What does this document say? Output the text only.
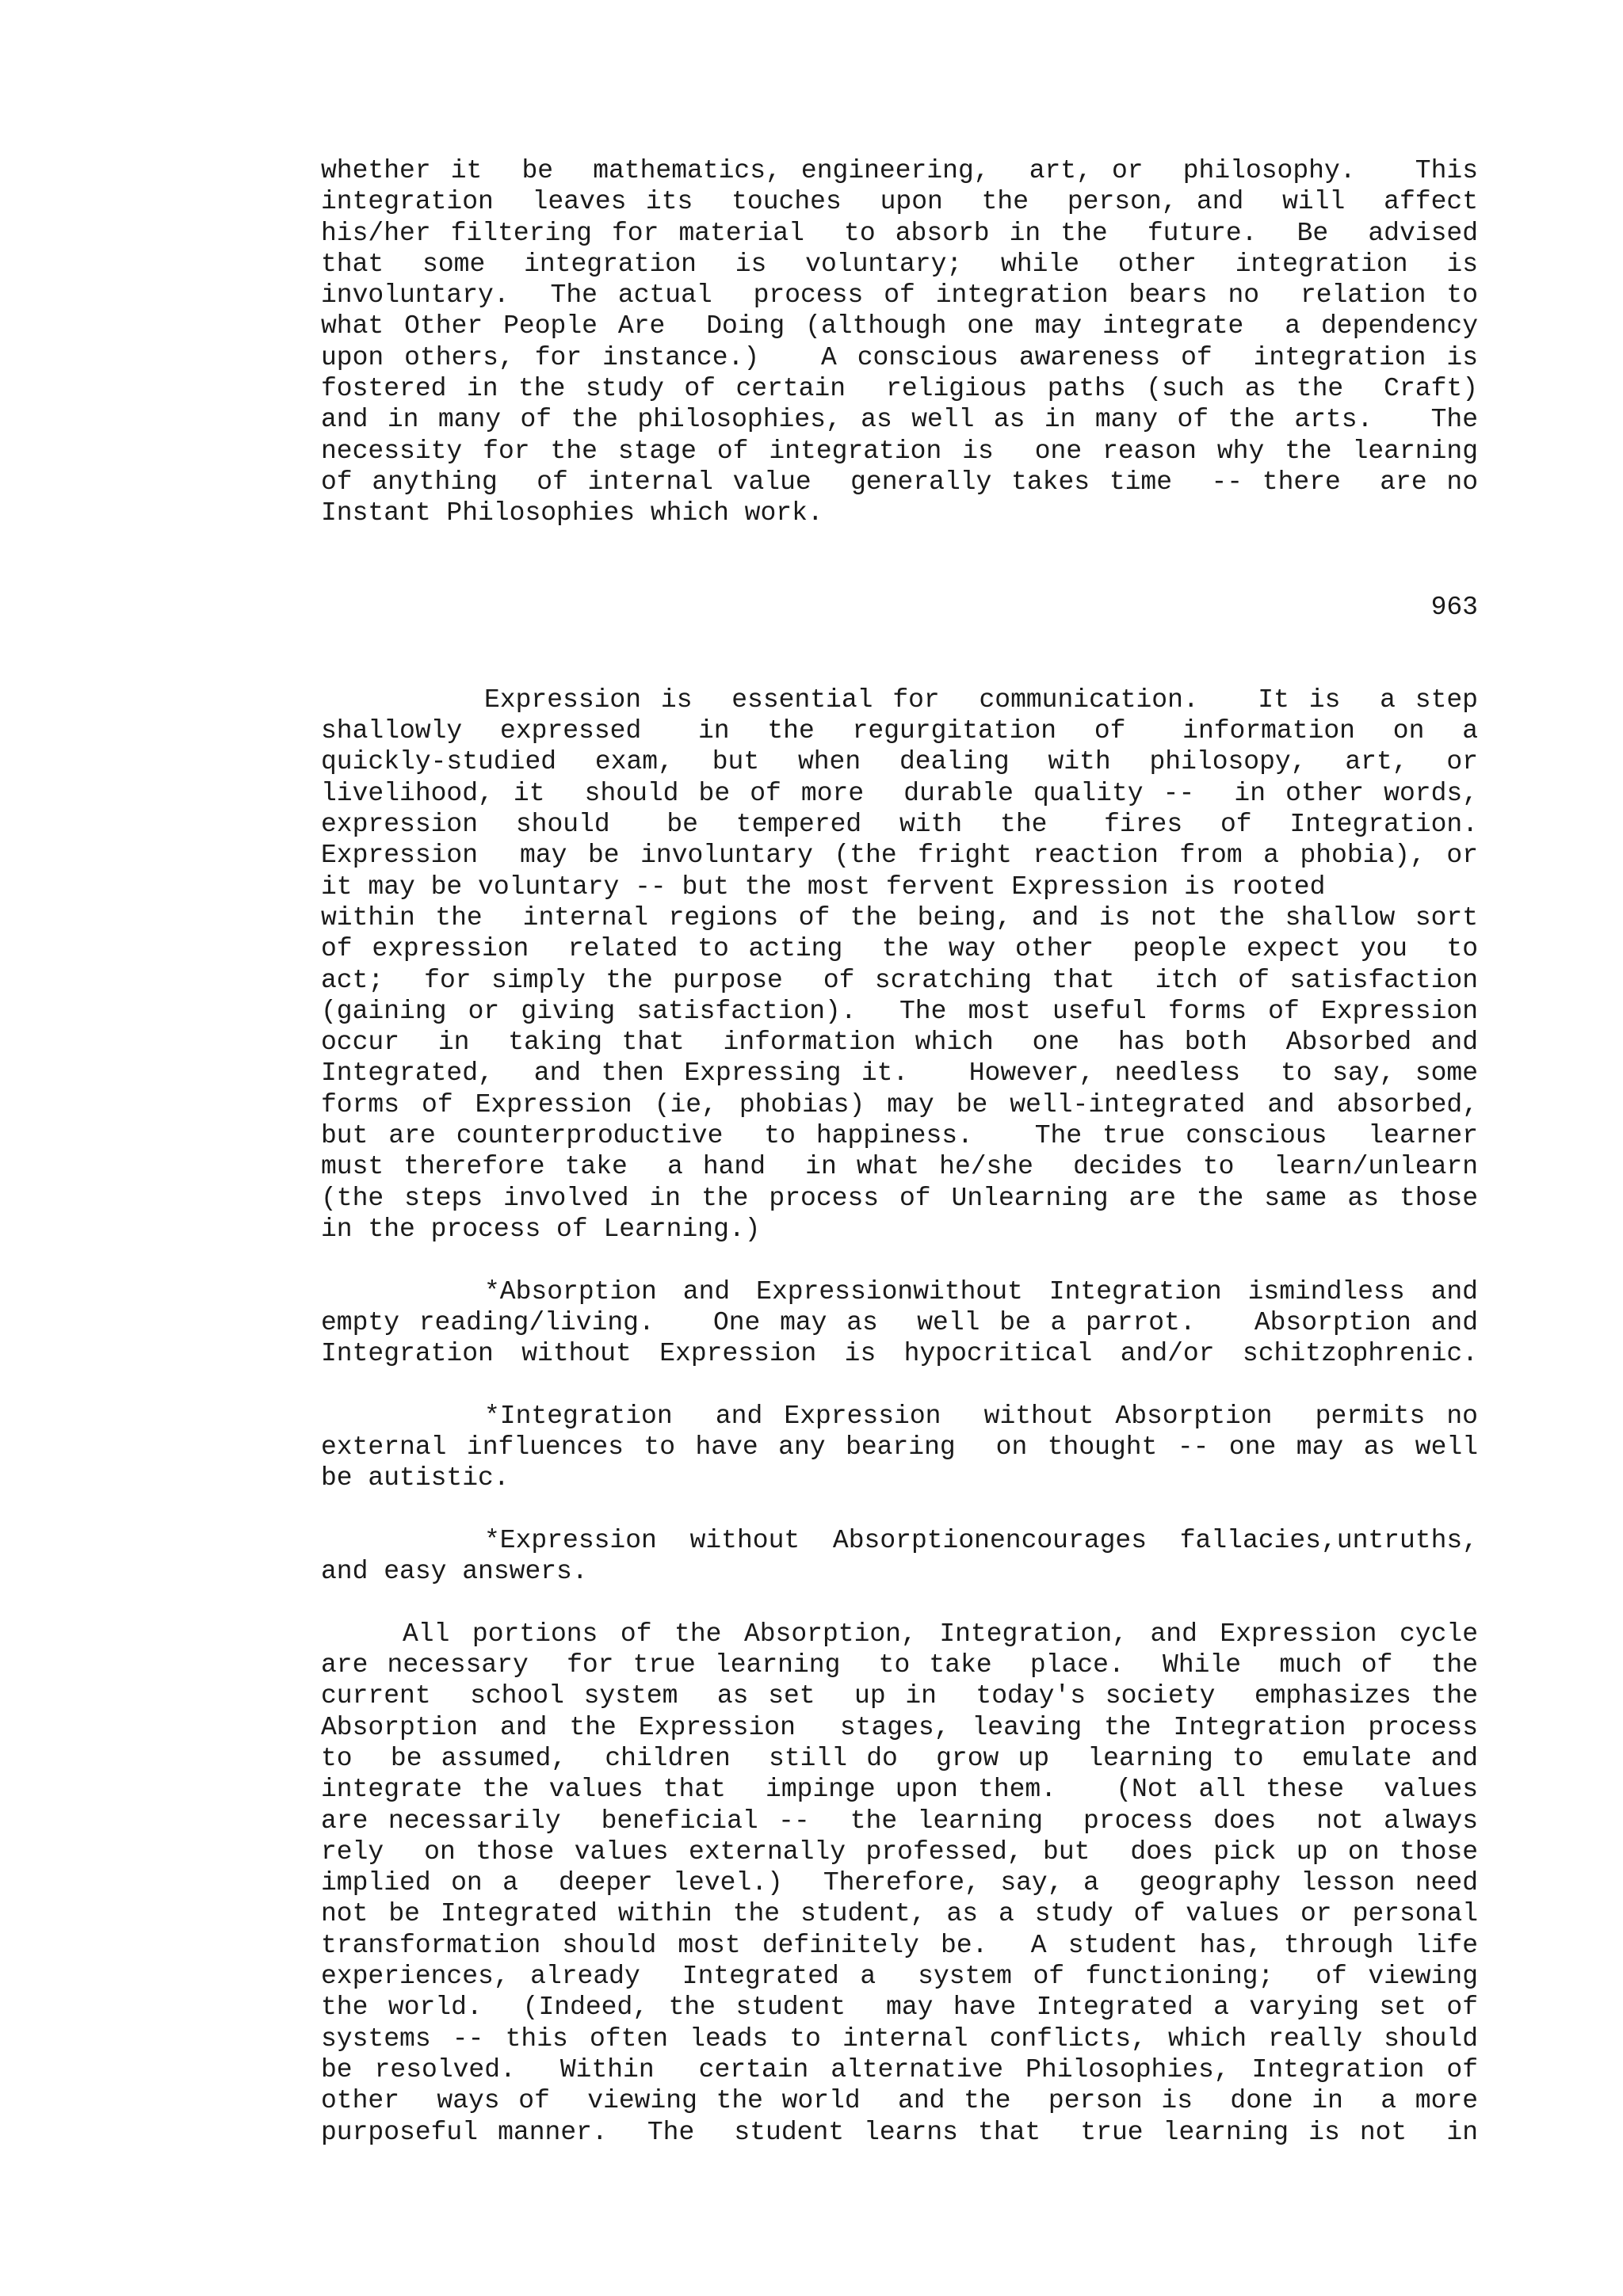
whether it  be  mathematics, engineering,  art, or  philosophy.   This
integration  leaves its  touches  upon  the  person, and  will  affect
his/her filtering for material  to absorb in the  future.  Be  advised
that  some  integration  is  voluntary;  while  other  integration  is
involuntary.  The actual  process of integration bears no  relation to
what Other People Are  Doing (although one may integrate  a dependency
upon others, for instance.)   A conscious awareness of  integration is
fostered in the study of certain  religious paths (such as the  Craft)
and in many of the philosophies, as well as in many of the arts.   The
necessity for the stage of integration is  one reason why the learning
of anything  of internal value  generally takes time  -- there  are no
Instant Philosophies which work.
963
Expression is  essential for  communication.   It is  a step
shallowly  expressed   in  the  regurgitation  of   information  on  a
quickly-studied  exam,  but  when  dealing  with  philosopy,  art,  or
livelihood, it  should be of more  durable quality --  in other words,
expression  should   be  tempered  with  the   fires  of  Integration.
Expression  may be involuntary (the fright reaction from a phobia), or
it may be voluntary -- but the most fervent Expression is rooted
within the  internal regions of the being, and is not the shallow sort
of expression  related to acting  the way other  people expect you  to
act;  for simply the purpose  of scratching that  itch of satisfaction
(gaining or giving satisfaction).  The most useful forms of Expression
occur  in  taking that  information which  one  has both  Absorbed and
Integrated,  and then Expressing it.   However, needless  to say, some
forms of Expression (ie, phobias) may be well-integrated and absorbed,
but are counterproductive  to happiness.   The true conscious  learner
must therefore take  a hand  in what he/she  decides to  learn/unlearn
(the steps involved in the process of Unlearning are the same as those
in the process of Learning.)
*Absorption and Expressionwithout Integration ismindless and
empty reading/living.   One may as  well be a parrot.   Absorption and
Integration without Expression is hypocritical and/or schitzophrenic.
*Integration  and Expression  without Absorption  permits no
external influences to have any bearing  on thought -- one may as well
be autistic.
*Expression without Absorptionencourages fallacies,untruths,
and easy answers.
All portions of the Absorption, Integration, and Expression cycle
are necessary  for true learning  to take  place.  While  much of  the
current  school system  as set  up in  today's society  emphasizes the
Absorption and the Expression  stages, leaving the Integration process
to  be assumed,  children  still do  grow up  learning to  emulate and
integrate the values that  impinge upon them.   (Not all these  values
are necessarily  beneficial --  the learning  process does  not always
rely  on those values externally professed, but  does pick up on those
implied on a  deeper level.)  Therefore, say, a  geography lesson need
not be Integrated within the student, as a study of values or personal
transformation should most definitely be.  A student has, through life
experiences, already  Integrated a  system of functioning;  of viewing
the world.  (Indeed, the student  may have Integrated a varying set of
systems -- this often leads to internal conflicts, which really should
be resolved.  Within  certain alternative Philosophies, Integration of
other  ways of  viewing the world  and the  person is  done in  a more
purposeful manner.  The  student learns that  true learning is not  in
